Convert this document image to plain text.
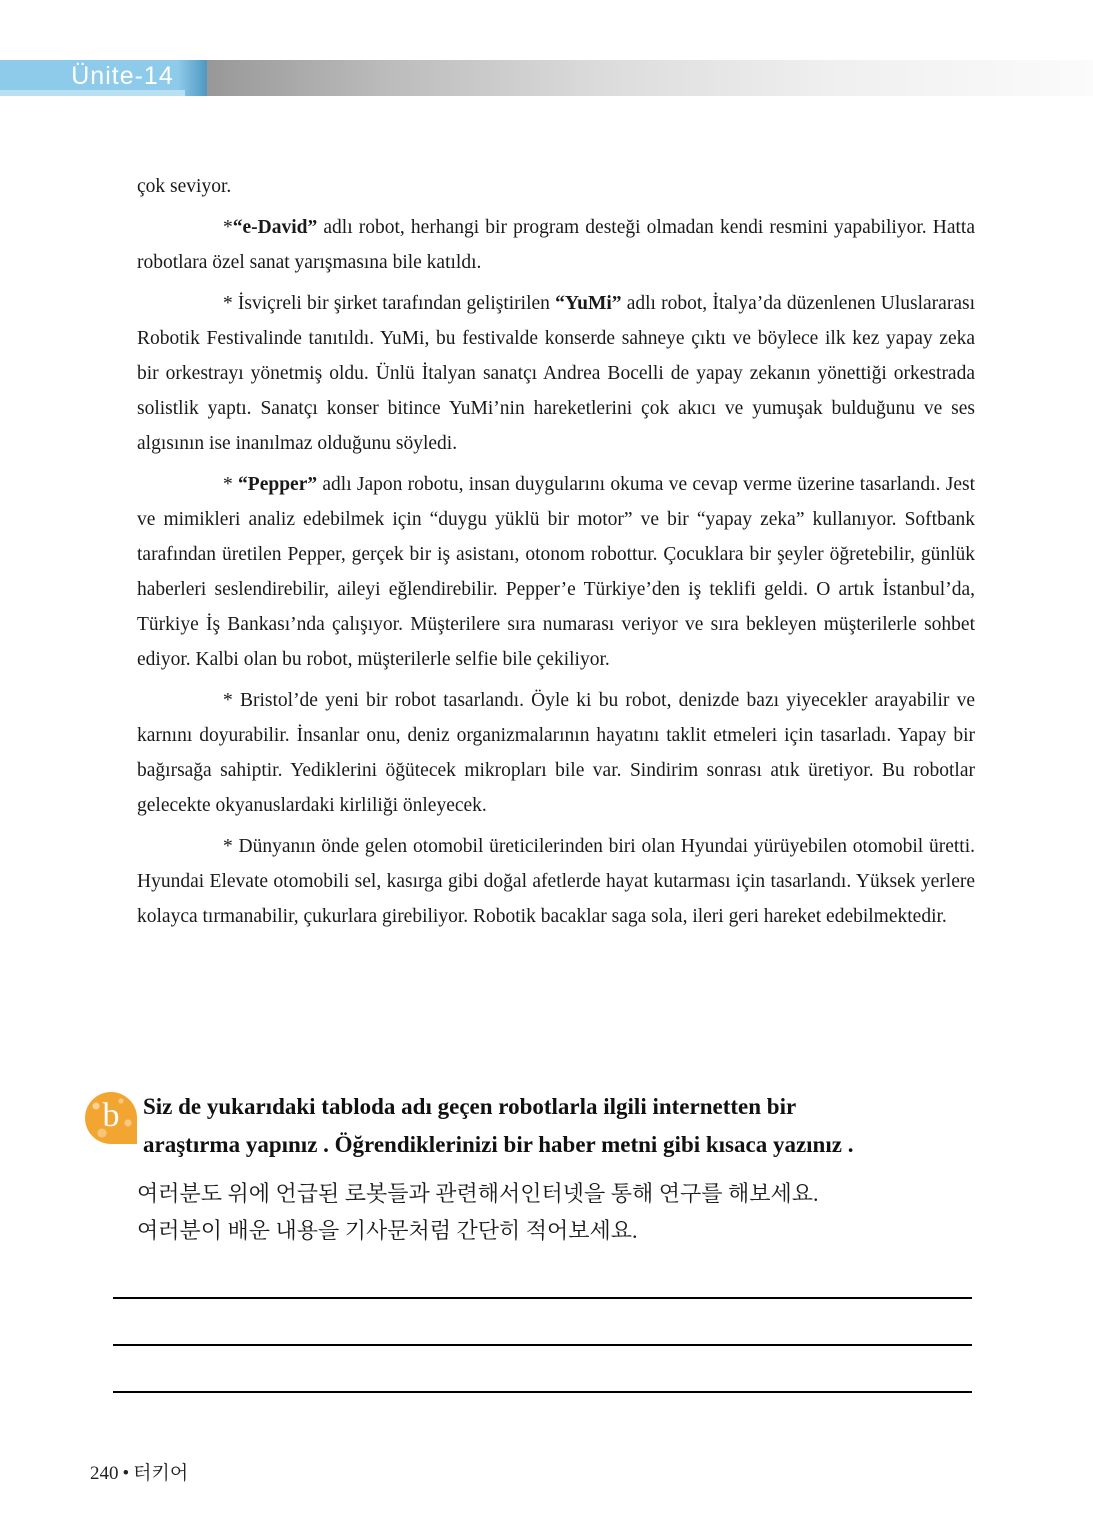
Ünite-14

çok seviyor.

*“e-David” adlı robot, herhangi bir program desteği olmadan kendi resmini yapabiliyor. Hatta robotlara özel sanat yarışmasına bile katıldı.

* İsviçreli bir şirket tarafından geliştirilen “YuMi” adlı robot, İtalya’da düzenlenen Uluslararası Robotik Festivalinde tanıtıldı. YuMi, bu festivalde konserde sahneye çıktı ve böylece ilk kez yapay zeka bir orkestrayı yönetmiş oldu. Ünlü İtalyan sanatçı Andrea Bocelli de yapay zekanın yönettiği orkestrada solistlik yaptı. Sanatçı konser bitince YuMi’nin hareketlerini çok akıcı ve yumuşak bulduğunu ve ses algısının ise inanılmaz olduğunu söyledi.

* “Pepper” adlı Japon robotu, insan duygularını okuma ve cevap verme üzerine tasarlandı. Jest ve mimikleri analiz edebilmek için “duygu yüklü bir motor” ve bir “yapay zeka” kullanıyor. Softbank tarafından üretilen Pepper, gerçek bir iş asistanı, otonom robottur. Çocuklara bir şeyler öğretebilir, günlük haberleri seslendirebilir, aileyi eğlendirebilir. Pepper’e Türkiye’den iş teklifi geldi. O artık İstanbul’da, Türkiye İş Bankası’nda çalışıyor. Müşterilere sıra numarası veriyor ve sıra bekleyen müşterilerle sohbet ediyor. Kalbi olan bu robot, müşterilerle selfie bile çekiliyor.

* Bristol’de yeni bir robot tasarlandı. Öyle ki bu robot, denizde bazı yiyecekler arayabilir ve karnını doyurabilir. İnsanlar onu, deniz organizmalarının hayatını taklit etmeleri için tasarladı. Yapay bir bağırsağa sahiptir. Yediklerini öğütecek mikropları bile var. Sindirim sonrası atık üretiyor. Bu robotlar gelecekte okyanuslardaki kirliliği önleyecek.

* Dünyanın önde gelen otomobil üreticilerinden biri olan Hyundai yürüyebilen otomobil üretti. Hyundai Elevate otomobili sel, kasırga gibi doğal afetlerde hayat kutarması için tasarlandı. Yüksek yerlere kolayca tırmanabilir, çukurlara girebiliyor. Robotik bacaklar saga sola, ileri geri hareket edebilmektedir.

b	Siz de yukarıdaki tabloda adı geçen robotlarla ilgili internetten bir
araştırma yapınız . Öğrendiklerinizi bir haber metni gibi kısaca yazınız .
여러분도 위에 언급된 로봇들과 관련해서인터넷을 통해 연구를 해보세요.
여러분이 배운 내용을 기사문처럼 간단히 적어보세요.
240 • 터키어
